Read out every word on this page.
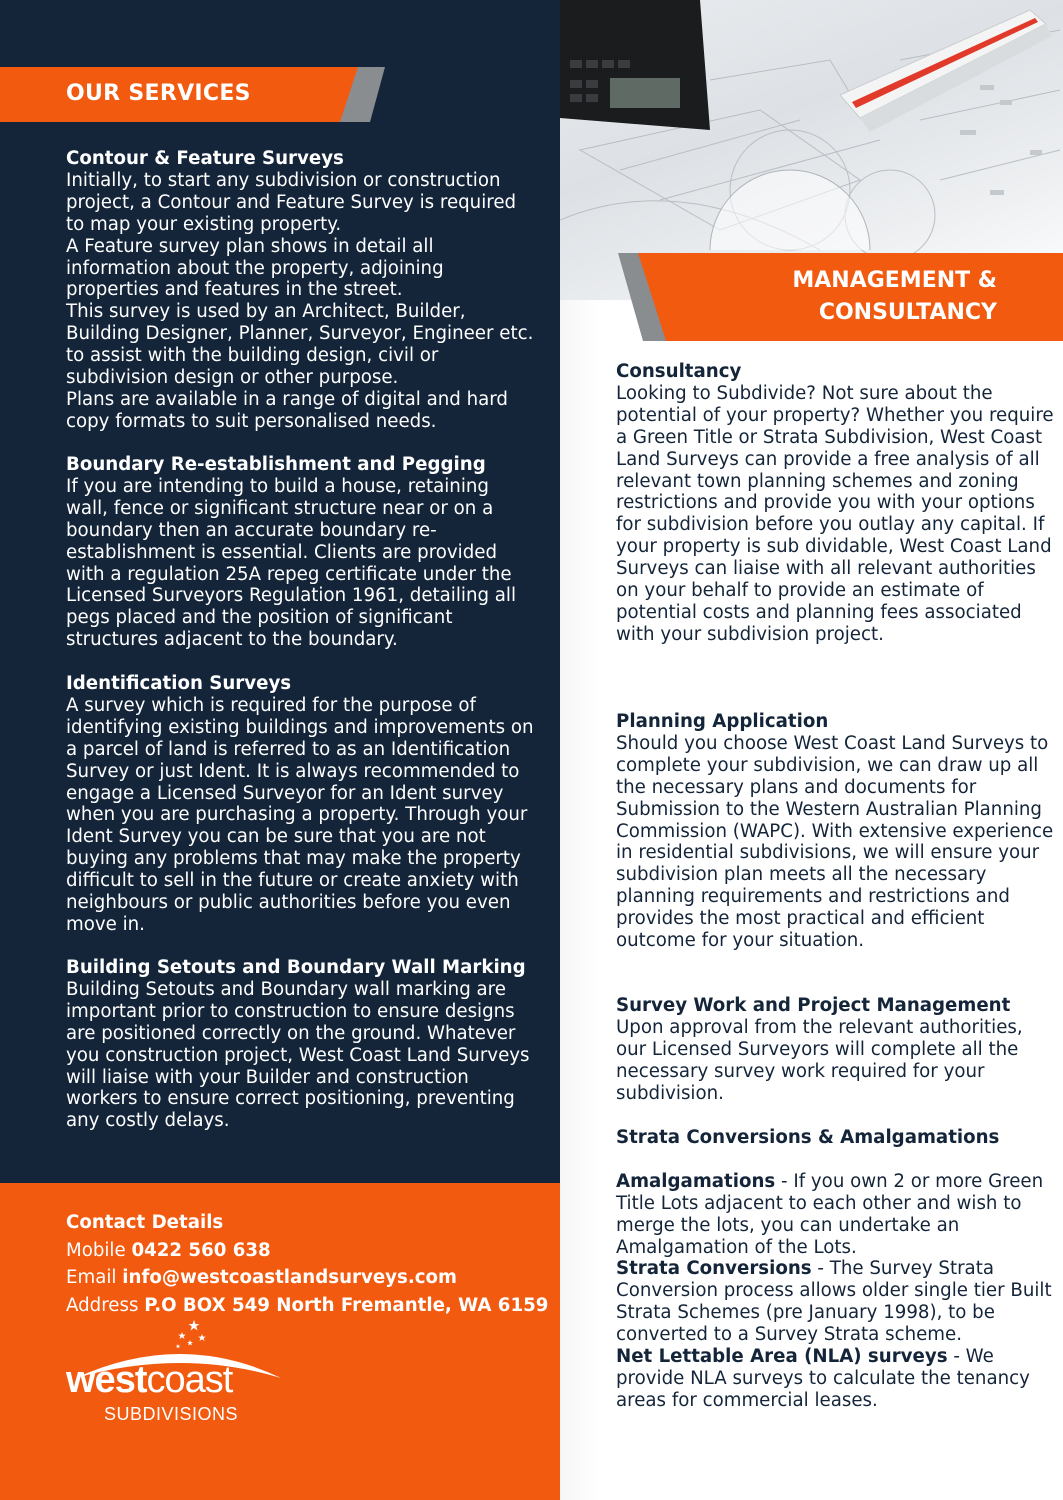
OUR SERVICES
Contour & Feature Surveys

Initially, to start any subdivision or construction project, a Contour and Feature Survey is required to map your existing property.

A Feature survey plan shows in detail all information about the property, adjoining properties and features in the street.

This survey is used by an Architect, Builder, Building Designer, Planner, Surveyor, Engineer etc. to assist with the building design, civil or subdivision design or other purpose.

Plans are available in a range of digital and hard copy formats to suit personalised needs.

Boundary Re-establishment and Pegging

If you are intending to build a house, retaining wall, fence or significant structure near or on a boundary then an accurate boundary re-establishment is essential. Clients are provided with a regulation 25A repeg certificate under the Licensed Surveyors Regulation 1961, detailing all pegs placed and the position of significant structures adjacent to the boundary.

Identification Surveys

A survey which is required for the purpose of identifying existing buildings and improvements on a parcel of land is referred to as an Identification Survey or just Ident. It is always recommended to engage a Licensed Surveyor for an Ident survey when you are purchasing a property. Through your Ident Survey you can be sure that you are not buying any problems that may make the property difficult to sell in the future or create anxiety with neighbours or public authorities before you even move in.

Building Setouts and Boundary Wall Marking

Building Setouts and Boundary wall marking are important prior to construction to ensure designs are positioned correctly on the ground. Whatever you construction project, West Coast Land Surveys will liaise with your Builder and construction workers to ensure correct positioning, preventing any costly delays.

Contact Details
Mobile 0422 560 638
Email info@westcoastlandsurveys.com
Address P.O BOX 549 North Fremantle, WA 6159
westcoast
SUBDIVISIONS
MANAGEMENT &
CONSULTANCY
Consultancy

Looking to Subdivide? Not sure about the potential of your property? Whether you require a Green Title or Strata Subdivision, West Coast Land Surveys can provide a free analysis of all relevant town planning schemes and zoning restrictions and provide you with your options for subdivision before you outlay any capital. If your property is sub dividable, West Coast Land Surveys can liaise with all relevant authorities on your behalf to provide an estimate of potential costs and planning fees associated with your subdivision project.

Planning Application

Should you choose West Coast Land Surveys to complete your subdivision, we can draw up all the necessary plans and documents for Submission to the Western Australian Planning Commission (WAPC). With extensive experience in residential subdivisions, we will ensure your subdivision plan meets all the necessary planning requirements and restrictions and provides the most practical and efficient outcome for your situation.

Survey Work and Project Management

Upon approval from the relevant authorities, our Licensed Surveyors will complete all the necessary survey work required for your subdivision.

Strata Conversions & Amalgamations

Amalgamations - If you own 2 or more Green Title Lots adjacent to each other and wish to merge the lots, you can undertake an Amalgamation of the Lots.

Strata Conversions - The Survey Strata Conversion process allows older single tier Built Strata Schemes (pre January 1998), to be converted to a Survey Strata scheme.

Net Lettable Area (NLA) surveys - We provide NLA surveys to calculate the tenancy areas for commercial leases.
